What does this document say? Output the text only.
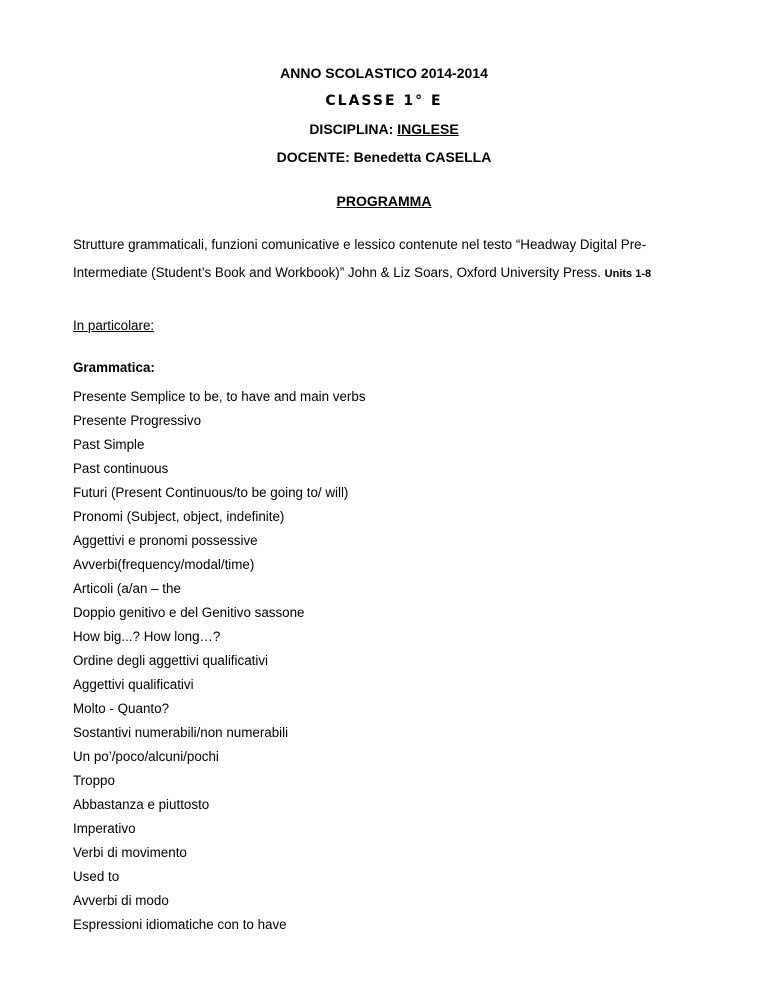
ANNO SCOLASTICO 2014-2014
CLASSE 1° E
DISCIPLINA: INGLESE
DOCENTE: Benedetta CASELLA
PROGRAMMA
Strutture grammaticali, funzioni comunicative e lessico contenute nel testo “Headway Digital Pre-
Intermediate (Student’s Book and Workbook)” John & Liz Soars, Oxford University Press. Units 1-8
In particolare:
Grammatica:
Presente Semplice to be, to have and main verbs
Presente Progressivo
Past Simple
Past continuous
Futuri (Present Continuous/to be going to/ will)
Pronomi (Subject, object, indefinite)
Aggettivi e pronomi possessive
Avverbi(frequency/modal/time)
Articoli (a/an – the
Doppio genitivo e del Genitivo sassone
How big...? How long…?
Ordine degli aggettivi qualificativi
Aggettivi qualificativi
Molto - Quanto?
Sostantivi numerabili/non numerabili
Un po’/poco/alcuni/pochi
Troppo
Abbastanza e piuttosto
Imperativo
Verbi di movimento
Used to
Avverbi di modo
Espressioni idiomatiche con to have
